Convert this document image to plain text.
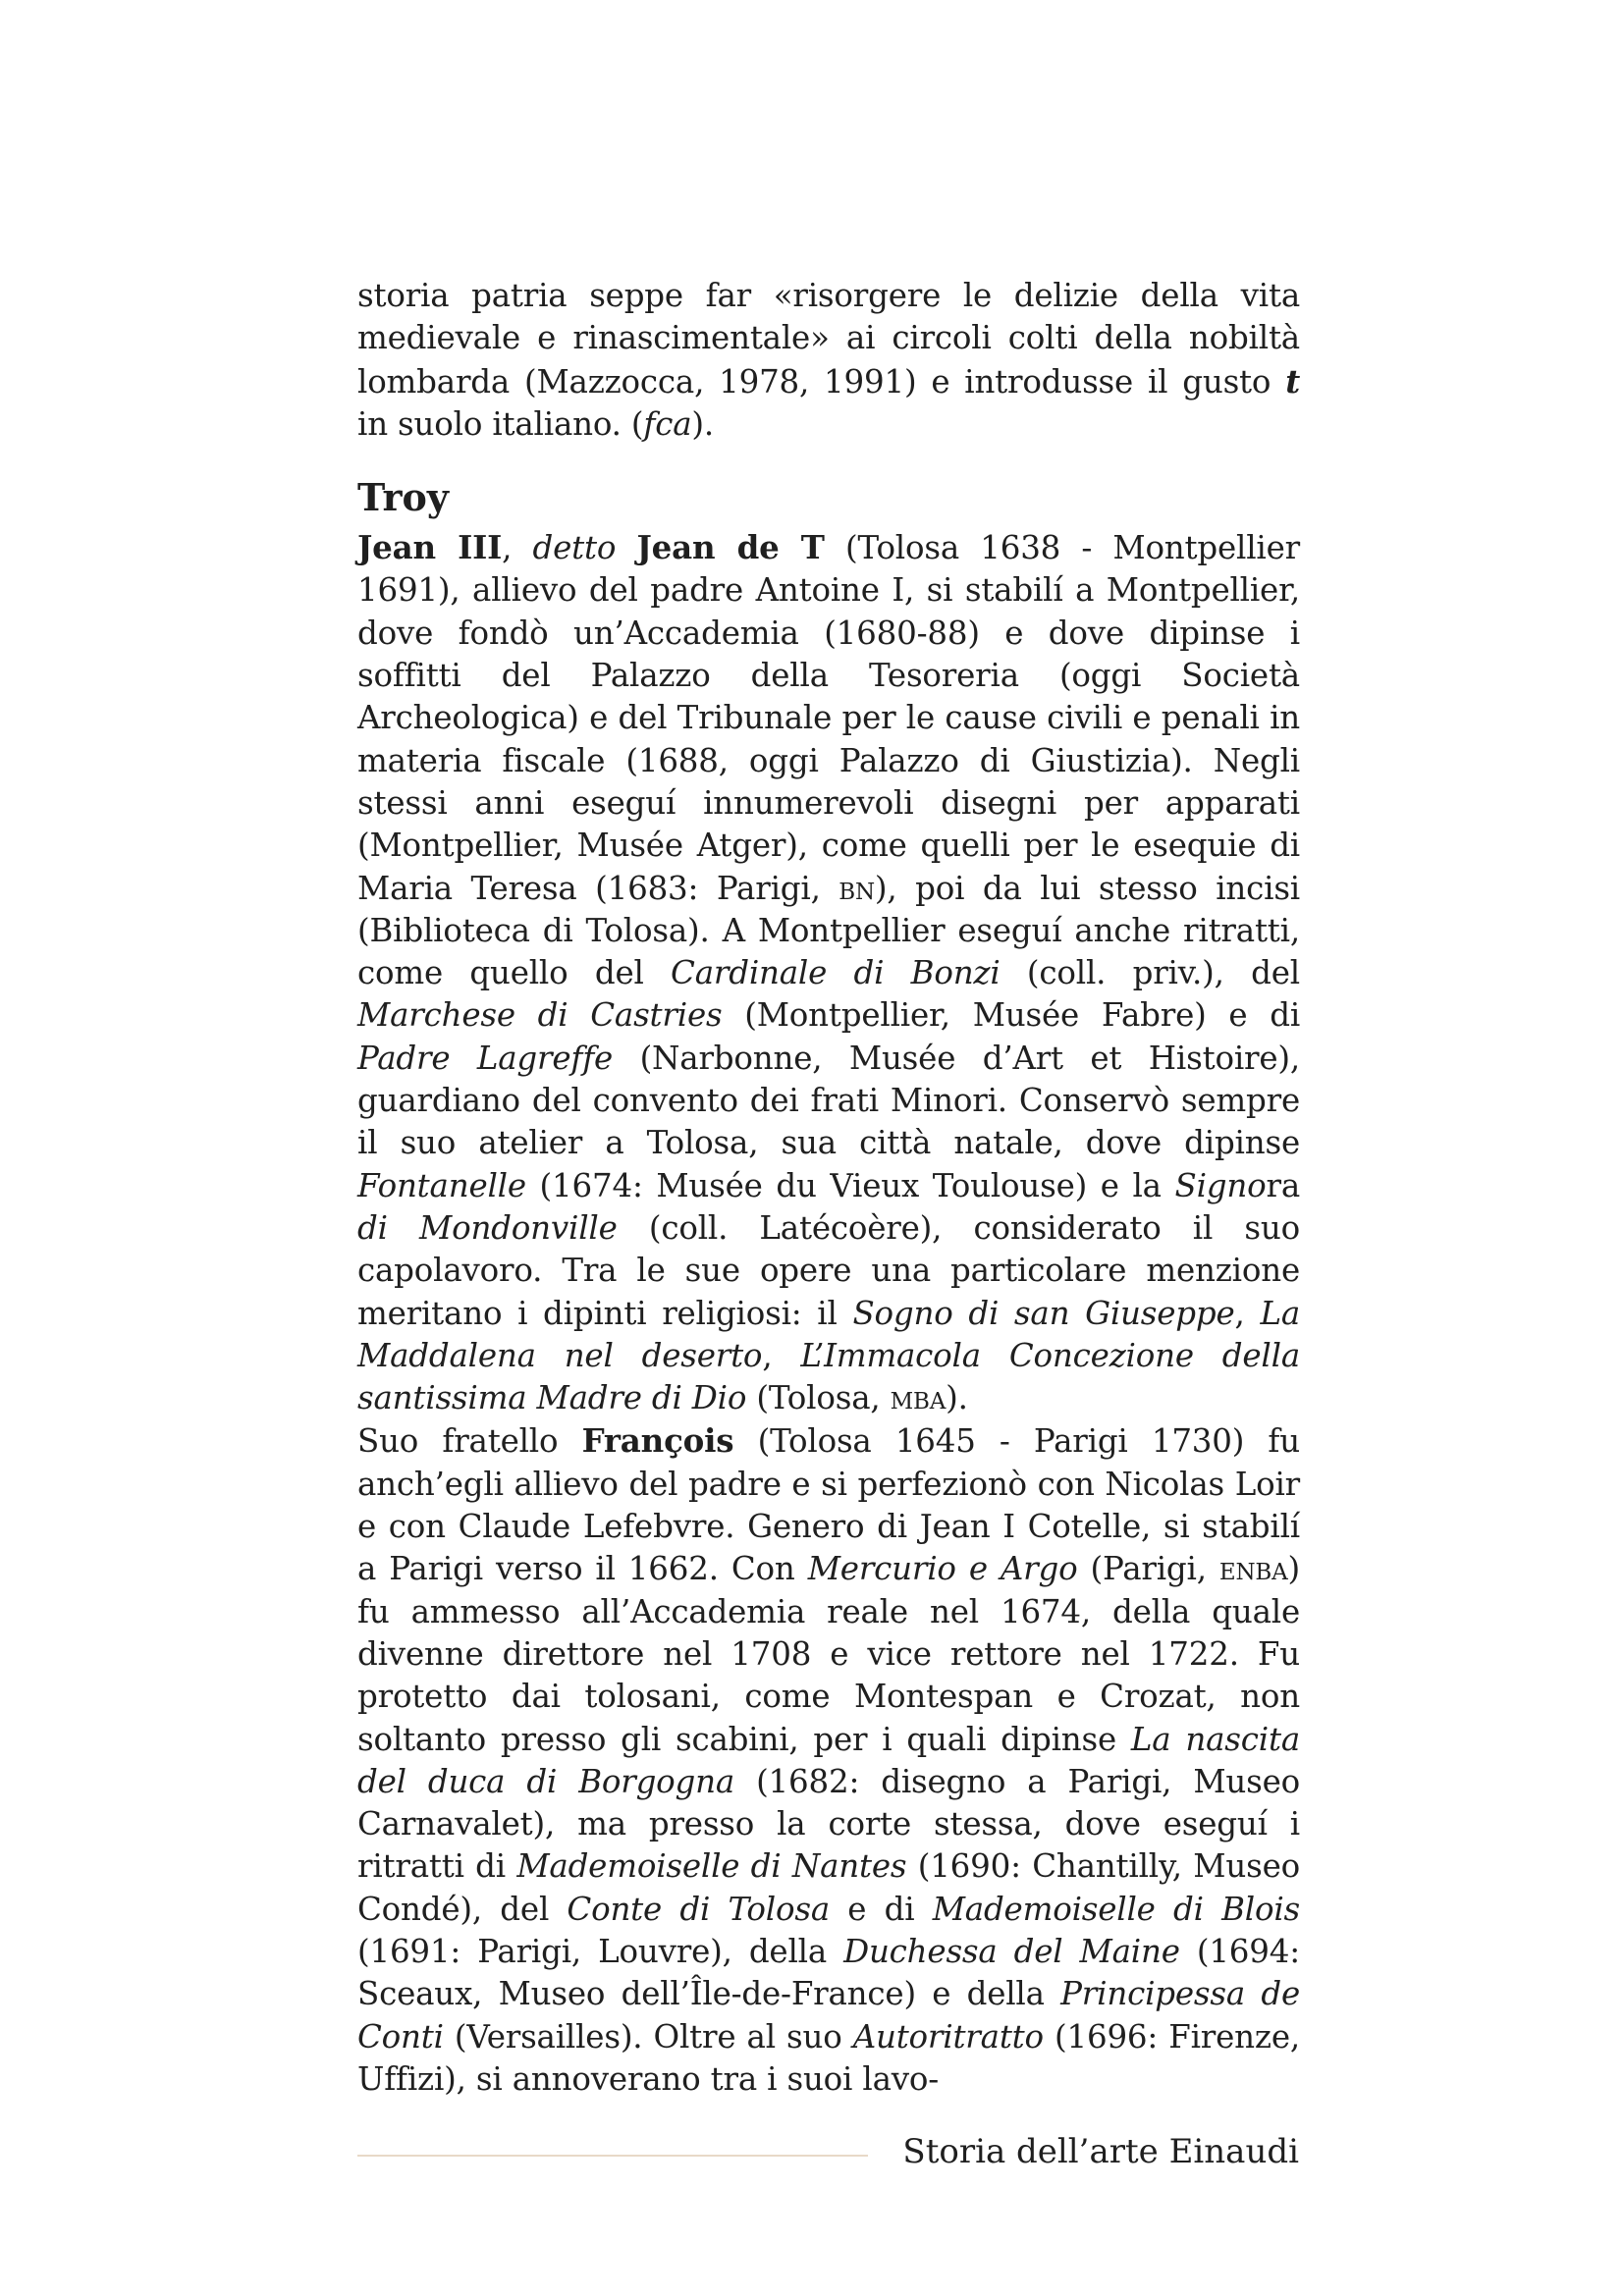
storia patria seppe far «risorgere le delizie della vita medievale e rinascimentale» ai circoli colti della nobiltà lombarda (Mazzocca, 1978, 1991) e introdusse il gusto t in suolo italiano. (fca).

Troy

Jean III, detto Jean de T (Tolosa 1638 - Montpellier 1691), allievo del padre Antoine I, si stabilí a Montpellier, dove fondò un’Accademia (1680-88) e dove dipinse i soffitti del Palazzo della Tesoreria (oggi Società Archeologica) e del Tribunale per le cause civili e penali in materia fiscale (1688, oggi Palazzo di Giustizia). Negli stessi anni eseguí innumerevoli disegni per apparati (Montpellier, Musée Atger), come quelli per le esequie di Maria Teresa (1683: Parigi, bn), poi da lui stesso incisi (Biblioteca di Tolosa). A Montpellier eseguí anche ritratti, come quello del Cardinale di Bonzi (coll. priv.), del Marchese di Castries (Montpellier, Musée Fabre) e di Padre Lagreffe (Narbonne, Musée d’Art et Histoire), guardiano del convento dei frati Minori. Conservò sempre il suo atelier a Tolosa, sua città natale, dove dipinse Fontanelle (1674: Musée du Vieux Toulouse) e la Signora di Mondonville (coll. Latécoère), considerato il suo capolavoro. Tra le sue opere una particolare menzione meritano i dipinti religiosi: il Sogno di san Giuseppe, La Maddalena nel deserto, L’Immacola Concezione della santissima Madre di Dio (Tolosa, mba).

Suo fratello François (Tolosa 1645 - Parigi 1730) fu anch’egli allievo del padre e si perfezionò con Nicolas Loir e con Claude Lefebvre. Genero di Jean I Cotelle, si stabilí a Parigi verso il 1662. Con Mercurio e Argo (Parigi, enba) fu ammesso all’Accademia reale nel 1674, della quale divenne direttore nel 1708 e vice rettore nel 1722. Fu protetto dai tolosani, come Montespan e Crozat, non soltanto presso gli scabini, per i quali dipinse La nascita del duca di Borgogna (1682: disegno a Parigi, Museo Carnavalet), ma presso la corte stessa, dove eseguí i ritratti di Mademoiselle di Nantes (1690: Chantilly, Museo Condé), del Conte di Tolosa e di Mademoiselle di Blois (1691: Parigi, Louvre), della Duchessa del Maine (1694: Sceaux, Museo dell’Île-de-France) e della Principessa de Conti (Versailles). Oltre al suo Autoritratto (1696: Firenze, Uffizi), si annoverano tra i suoi lavo-

Storia dell’arte Einaudi
